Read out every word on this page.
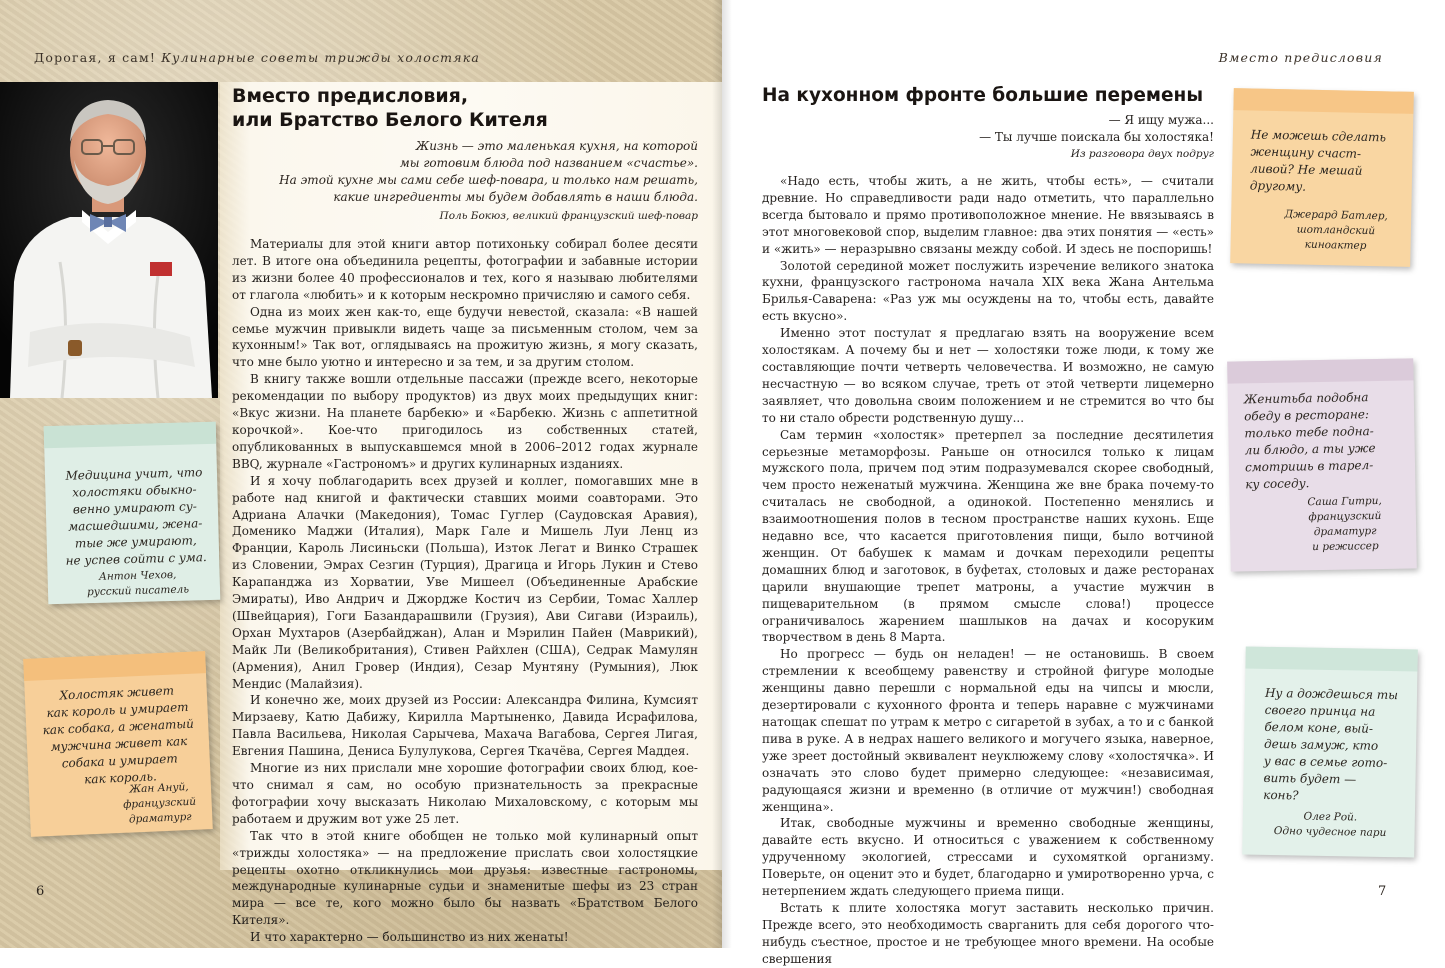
Дорогая, я сам! Кулинарные советы трижды холостяка
Вместо предисловия,
или Братство Белого Кителя
Жизнь — это маленькая кухня, на которой
мы готовим блюда под названием «счастье».
На этой кухне мы сами себе шеф-повара, и только нам решать,
какие ингредиенты мы будем добавлять в наши блюда.
Поль Бокюз, великий французский шеф-повар

Материалы для этой книги автор потихоньку собирал более десяти лет. В итоге она объединила рецепты, фотографии и забавные истории из жизни более 40 профессионалов и тех, кого я называю любителями от глагола «любить» и к которым нескромно причисляю и самого себя.

Одна из моих жен как-то, еще будучи невестой, сказала: «В нашей семье мужчин привыкли видеть чаще за письменным столом, чем за кухонным!» Так вот, оглядываясь на прожитую жизнь, я могу сказать, что мне было уютно и интересно и за тем, и за другим столом.

В книгу также вошли отдельные пассажи (прежде всего, некоторые рекомендации по выбору продуктов) из двух моих предыдущих книг: «Вкус жизни. На планете барбекю» и «Барбекю. Жизнь с аппетитной корочкой». Кое-что пригодилось из собственных статей, опубликованных в выпускавшемся мной в 2006–2012 годах журнале BBQ, журнале «Гастрономъ» и других кулинарных изданиях.

И я хочу поблагодарить всех друзей и коллег, помогавших мне в работе над книгой и фактически ставших моими соавторами. Это Адриана Алачки (Македония), Томас Гуглер (Саудовская Аравия), Доменико Маджи (Италия), Марк Гале и Мишель Луи Ленц из Франции, Кароль Лисиньски (Польша), Изток Легат и Винко Страшек из Словении, Эмрах Сезгин (Турция), Драгица и Игорь Лукин и Стево Карапанджа из Хорватии, Уве Мишеел (Объединенные Арабские Эмираты), Иво Андрич и Джордже Костич из Сербии, Томас Халлер (Швейцария), Гоги Базандарашвили (Грузия), Ави Сигави (Израиль), Орхан Мухтаров (Азербайджан), Алан и Мэрилин Пайен (Маврикий), Майк Ли (Великобритания), Стивен Райхлен (США), Седрак Мамулян (Армения), Анил Гровер (Индия), Сезар Мунтяну (Румыния), Люк Мендис (Малайзия).

И конечно же, моих друзей из России: Александра Филина, Кумсият Мирзаеву, Катю Дабижу, Кирилла Мартыненко, Давида Исрафилова, Павла Васильева, Николая Сарычева, Махача Вагабова, Сергея Лигая, Евгения Пашина, Дениса Булулукова, Сергея Ткачёва, Сергея Маддея.

Многие из них прислали мне хорошие фотографии своих блюд, кое-что снимал я сам, но особую признательность за прекрасные фотографии хочу высказать Николаю Михаловскому, с которым мы работаем и дружим вот уже 25 лет.

Так что в этой книге обобщен не только мой кулинарный опыт «трижды холостяка» — на предложение прислать свои холостяцкие рецепты охотно откликнулись мои друзья: известные гастрономы, международные кулинарные судьи и знаменитые шефы из 23 стран мира — все те, кого можно было бы назвать «Братством Белого Кителя».

И что характерно — большинство из них женаты!

Медицина учит, что
холостяки обыкно-
венно умирают су-
масшедшими, жена-
тые же умирают,
не успев сойти с ума.
Антон Чехов,
русский писатель
Холостяк живет
как король и умирает
как собака, а женатый
мужчина живет как
собака и умирает
как король.
Жан Ануй,
французский
драматург
6
Вместо предисловия
На кухонном фронте большие перемены
— Я ищу мужа...
— Ты лучше поискала бы холостяка!
Из разговора двух подруг

«Надо есть, чтобы жить, а не жить, чтобы есть», — считали древние. Но справедливости ради надо отметить, что параллельно всегда бытовало и прямо противоположное мнение. Не ввязываясь в этот многовековой спор, выделим главное: два этих понятия — «есть» и «жить» — неразрывно связаны между собой. И здесь не поспоришь!

Золотой серединой может послужить изречение великого знатока кухни, французского гастронома начала XIX века Жана Антельма Брилья-Саварена: «Раз уж мы осуждены на то, чтобы есть, давайте есть вкусно».

Именно этот постулат я предлагаю взять на вооружение всем холостякам. А почему бы и нет — холостяки тоже люди, к тому же составляющие почти четверть человечества. И возможно, не самую несчастную — во всяком случае, треть от этой четверти лицемерно заявляет, что довольна своим положением и не стремится во что бы то ни стало обрести родственную душу...

Сам термин «холостяк» претерпел за последние десятилетия серьезные метаморфозы. Раньше он относился только к лицам мужского пола, причем под этим подразумевался скорее свободный, чем просто неженатый мужчина. Женщина же вне брака почему-то считалась не свободной, а одинокой. Постепенно менялись и взаимоотношения полов в тесном пространстве наших кухонь. Еще недавно все, что касается приготовления пищи, было вотчиной женщин. От бабушек к мамам и дочкам переходили рецепты домашних блюд и заготовок, в буфетах, столовых и даже ресторанах царили внушающие трепет матроны, а участие мужчин в пищеварительном (в прямом смысле слова!) процессе ограничивалось жарением шашлыков на дачах и косоруким творчеством в день 8 Марта.

Но прогресс — будь он неладен! — не остановишь. В своем стремлении к всеобщему равенству и стройной фигуре молодые женщины давно перешли с нормальной еды на чипсы и мюсли, дезертировали с кухонного фронта и теперь наравне с мужчинами натощак спешат по утрам к метро с сигаретой в зубах, а то и с банкой пива в руке. А в недрах нашего великого и могучего языка, наверное, уже зреет достойный эквивалент неуклюжему слову «холостячка». И означать это слово будет примерно следующее: «независимая, радующаяся жизни и временно (в отличие от мужчин!) свободная женщина».

Итак, свободные мужчины и временно свободные женщины, давайте есть вкусно. И относиться с уважением к собственному удрученному экологией, стрессами и сухомяткой организму. Поверьте, он оценит это и будет, благодарно и умиротворенно урча, с нетерпением ждать следующего приема пищи.

Встать к плите холостяка могут заставить несколько причин. Прежде всего, это необходимость сварганить для себя дорогого что-нибудь съестное, простое и не требующее много времени. На особые свершения

Не можешь сделать
женщину счаст-
ливой? Не мешай
другому.
Джерард Батлер,
шотландский
киноактер
Женитьба подобна
обеду в ресторане:
только тебе подна-
ли блюдо, а ты уже
смотришь в тарел-
ку соседу.
Саша Гитри,
французский
драматург
и режиссер
Ну а дождешься ты
своего принца на
белом коне, вый-
дешь замуж, кто
у вас в семье гото-
вить будет —
конь?
Олег Рой.
Одно чудесное пари
7
